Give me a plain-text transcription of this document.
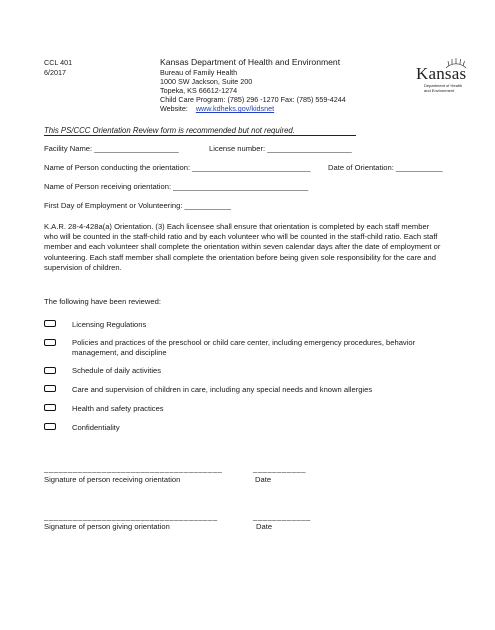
CCL 401
6/2017
Kansas Department of Health and Environment
Bureau of Family Health
1000 SW Jackson, Suite 200
Topeka, KS 66612-1274
Child Care Program: (785) 296 -1270 Fax: (785) 559-4244
Website: www.kdheks.gov/kidsnet
Kansas
Department of Health
and Environment
This PS/CCC Orientation Review form is recommended but not required.
Facility Name: ____________________	License number: ____________________
Name of Person conducting the orientation: ____________________________ Date of Orientation: ___________
Name of Person receiving orientation: ________________________________
First Day of Employment or Volunteering: ___________
K.A.R. 28-4-428a(a) Orientation. (3) Each licensee shall ensure that orientation is completed by each staff member who will be counted in the staff-child ratio and by each volunteer who will be counted in the staff-child ratio. Each staff member and each volunteer shall complete the orientation within seven calendar days after the date of employment or volunteering. Each staff member shall complete the orientation before being given sole responsibility for the care and supervision of children.
The following have been reviewed:
Licensing Regulations
Policies and practices of the preschool or child care center, including emergency procedures, behavior management, and discipline
Schedule of daily activities
Care and supervision of children in care, including any special needs and known allergies
Health and safety practices
Confidentiality
_____________________________________	___________
Signature of person receiving orientation	Date
____________________________________	____________
Signature of person giving orientation	Date
